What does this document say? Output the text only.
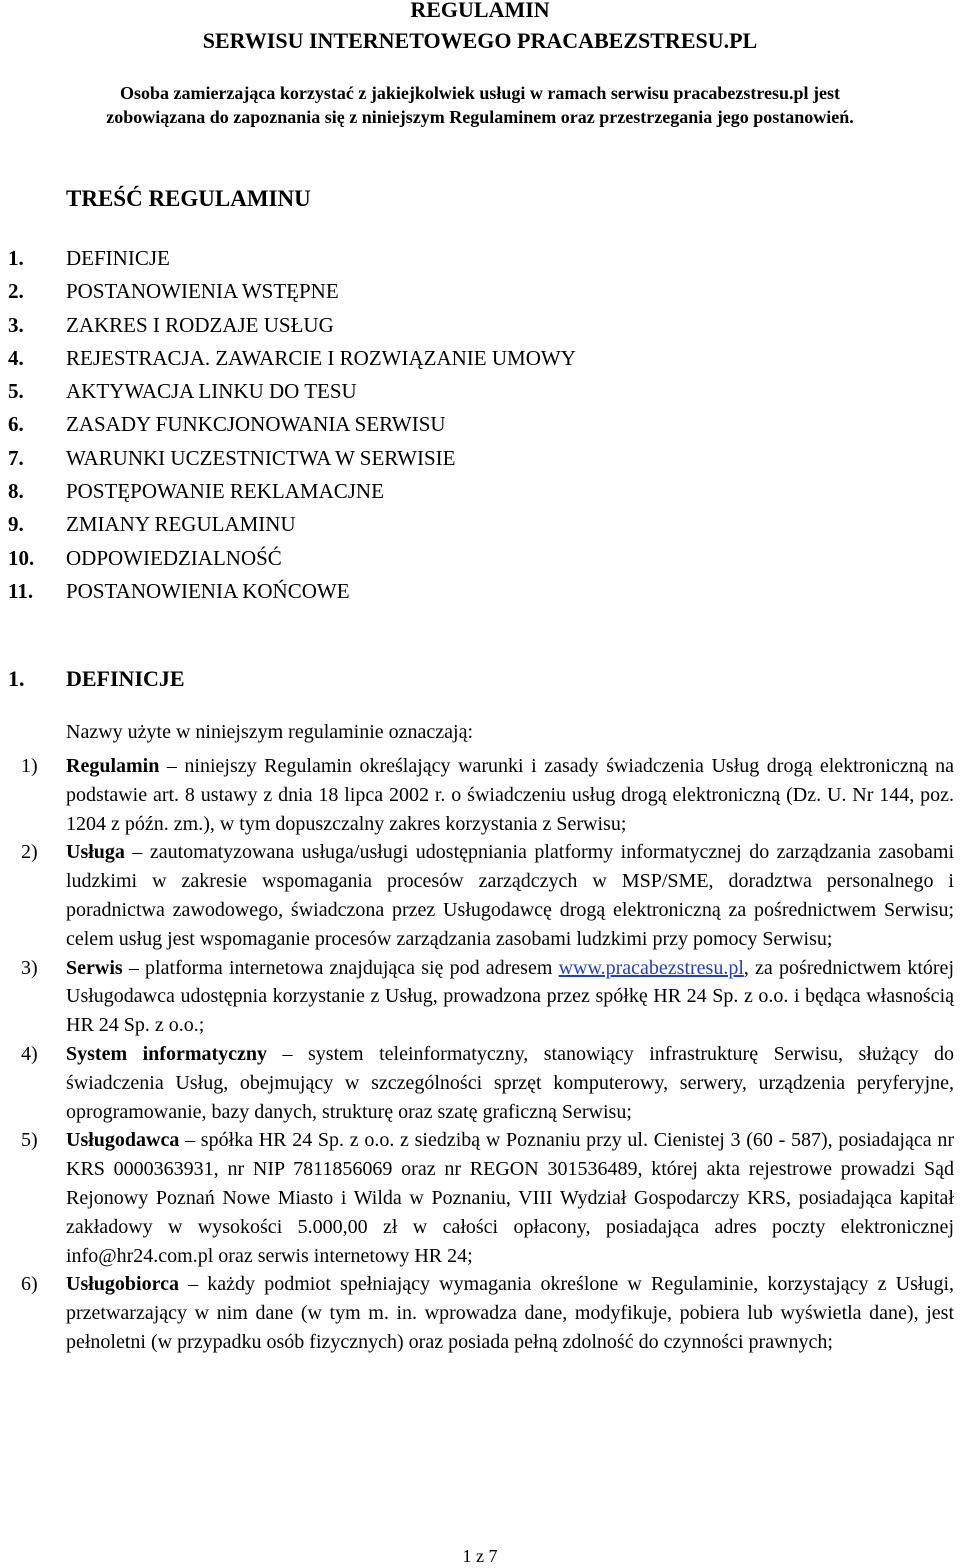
REGULAMIN
SERWISU INTERNETOWEGO PRACABEZSTRESU.PL
Osoba zamierzająca korzystać z jakiejkolwiek usługi w ramach serwisu pracabezstresu.pl jest
zobowiązana do zapoznania się z niniejszym Regulaminem oraz przestrzegania jego postanowień.
TREŚĆ REGULAMINU
1. DEFINICJE
2. POSTANOWIENIA WSTĘPNE
3. ZAKRES I RODZAJE USŁUG
4. REJESTRACJA. ZAWARCIE I ROZWIĄZANIE UMOWY
5. AKTYWACJA LINKU DO TESU
6. ZASADY FUNKCJONOWANIA SERWISU
7. WARUNKI UCZESTNICTWA W SERWISIE
8. POSTĘPOWANIE REKLAMACJNE
9. ZMIANY REGULAMINU
10. ODPOWIEDZIALNOŚĆ
11. POSTANOWIENIA KOŃCOWE
1. DEFINICJE
Nazwy użyte w niniejszym regulaminie oznaczają:
1) Regulamin – niniejszy Regulamin określający warunki i zasady świadczenia Usług drogą elektroniczną na podstawie art. 8 ustawy z dnia 18 lipca 2002 r. o świadczeniu usług drogą elektroniczną (Dz. U. Nr 144, poz. 1204 z późn. zm.), w tym dopuszczalny zakres korzystania z Serwisu;
2) Usługa – zautomatyzowana usługa/usługi udostępniania platformy informatycznej do zarządzania zasobami ludzkimi w zakresie wspomagania procesów zarządczych w MSP/SME, doradztwa personalnego i poradnictwa zawodowego, świadczona przez Usługodawcę drogą elektroniczną za pośrednictwem Serwisu; celem usług jest wspomaganie procesów zarządzania zasobami ludzkimi przy pomocy Serwisu;
3) Serwis – platforma internetowa znajdująca się pod adresem www.pracabezstresu.pl, za pośrednictwem której Usługodawca udostępnia korzystanie z Usług, prowadzona przez spółkę HR 24 Sp. z o.o. i będąca własnością HR 24 Sp. z o.o.;
4) System informatyczny – system teleinformatyczny, stanowiący infrastrukturę Serwisu, służący do świadczenia Usług, obejmujący w szczególności sprzęt komputerowy, serwery, urządzenia peryferyjne, oprogramowanie, bazy danych, strukturę oraz szatę graficzną Serwisu;
5) Usługodawca – spółka HR 24 Sp. z o.o. z siedzibą w Poznaniu przy ul. Cienistej 3 (60 - 587), posiadająca nr KRS 0000363931, nr NIP 7811856069 oraz nr REGON 301536489, której akta rejestrowe prowadzi Sąd Rejonowy Poznań Nowe Miasto i Wilda w Poznaniu, VIII Wydział Gospodarczy KRS, posiadająca kapitał zakładowy w wysokości 5.000,00 zł w całości opłacony, posiadająca adres poczty elektronicznej info@hr24.com.pl oraz serwis internetowy HR 24;
6) Usługobiorca – każdy podmiot spełniający wymagania określone w Regulaminie, korzystający z Usługi, przetwarzający w nim dane (w tym m. in. wprowadza dane, modyfikuje, pobiera lub wyświetla dane), jest pełnoletni (w przypadku osób fizycznych) oraz posiada pełną zdolność do czynności prawnych;
1 z 7
